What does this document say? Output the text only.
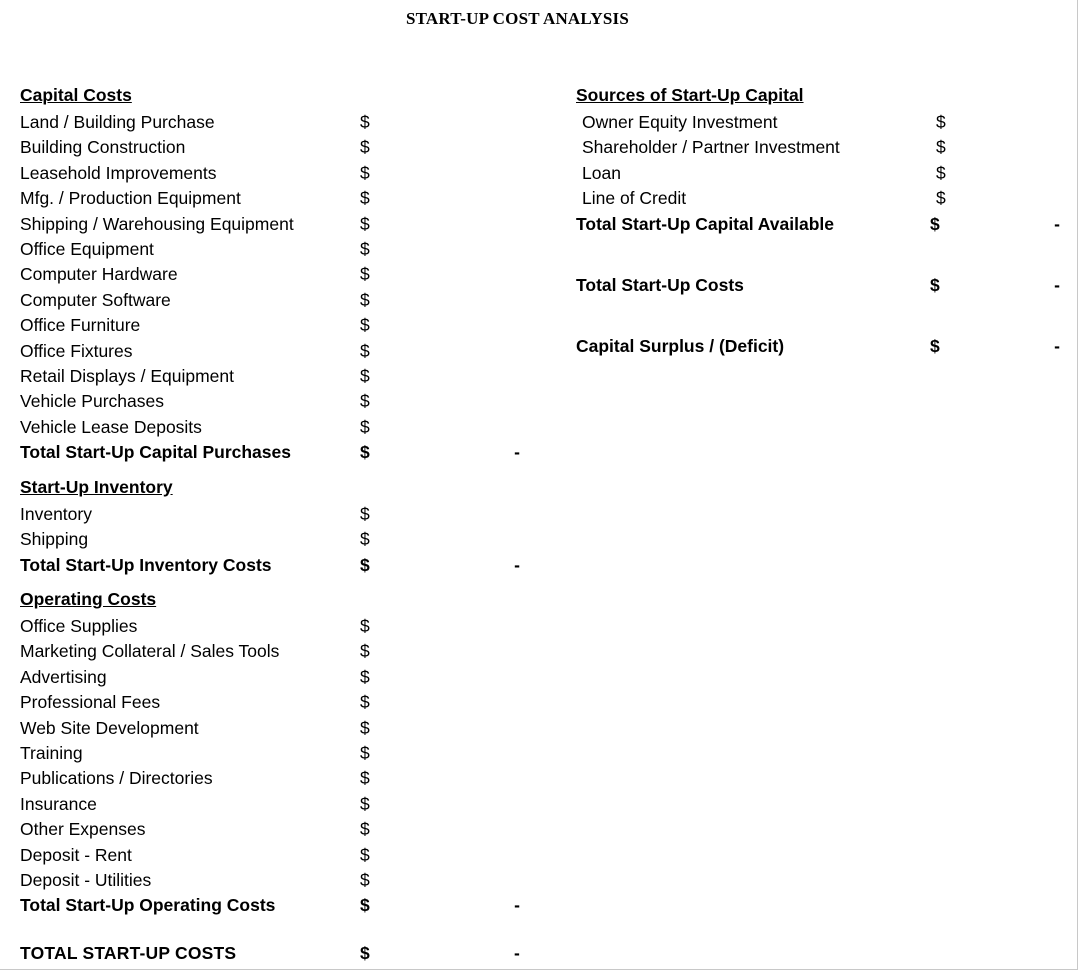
START-UP COST ANALYSIS
Capital Costs
Land / Building Purchase	$
Building Construction	$
Leasehold Improvements	$
Mfg. / Production Equipment	$
Shipping / Warehousing Equipment	$
Office Equipment	$
Computer Hardware	$
Computer Software	$
Office Furniture	$
Office Fixtures	$
Retail Displays / Equipment	$
Vehicle Purchases	$
Vehicle Lease Deposits	$
Total Start-Up Capital Purchases	$	-
Start-Up Inventory
Inventory	$
Shipping	$
Total Start-Up Inventory Costs	$	-
Operating Costs
Office Supplies	$
Marketing Collateral / Sales Tools	$
Advertising	$
Professional Fees	$
Web Site Development	$
Training	$
Publications / Directories	$
Insurance	$
Other Expenses	$
Deposit - Rent	$
Deposit - Utilities	$
Total Start-Up Operating Costs	$	-
TOTAL START-UP COSTS	$	-
Sources of Start-Up Capital
Owner Equity Investment	$
Shareholder / Partner Investment	$
Loan	$
Line of Credit	$
Total Start-Up Capital Available	$	-
Total Start-Up Costs	$	-
Capital Surplus / (Deficit)	$	-
